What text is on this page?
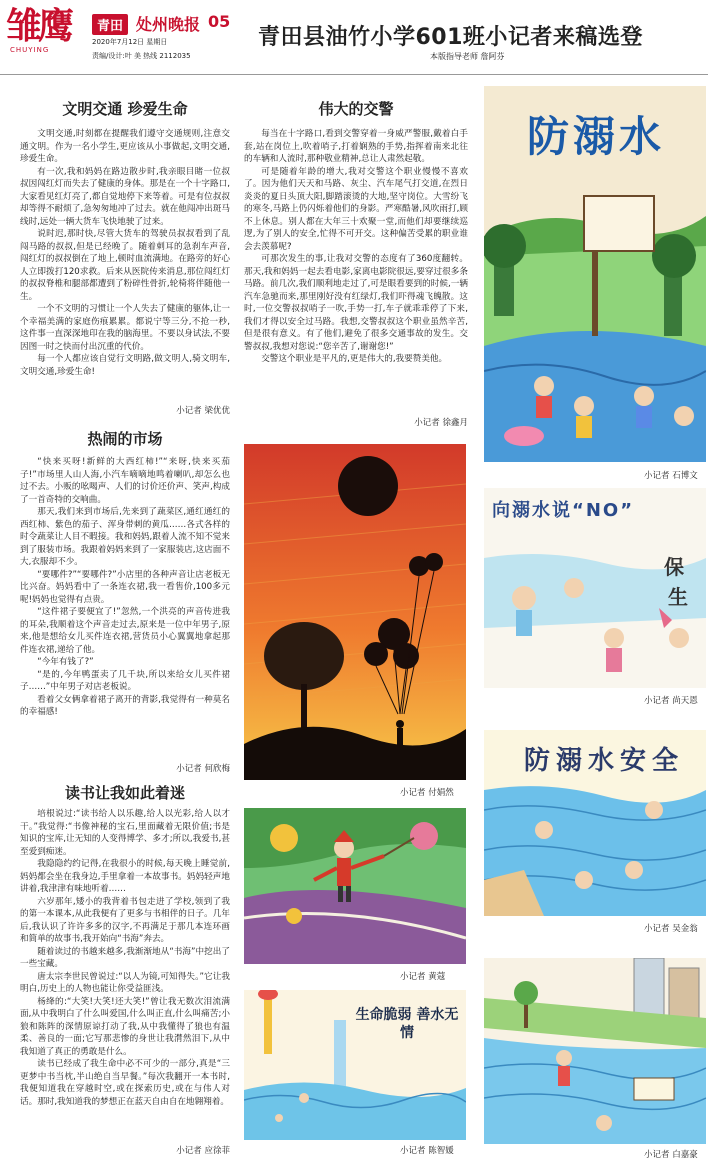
雏鹰
CHUYING
青田 处州晚报 05
2020年7月12日 星期日
责编/设计:叶 美 热线 2112035
青田县油竹小学601班小记者来稿选登
本版指导老师 詹阿芬
文明交通 珍爱生命

文明交通,时刻都在提醒我们遵守交通规则,注意交通文明。作为一名小学生,更应该从小事做起,文明交通,珍爱生命。

有一次,我和妈妈在路边散步时,我亲眼目睹一位叔叔因闯红灯而失去了健康的身体。那是在一个十字路口,大家看见红灯亮了,都自觉地停下来等着。可是有位叔叔却等得不耐烦了,急匆匆地冲了过去。就在他闯冲出斑马线时,远处一辆大货车飞快地驶了过来。

说时迟,那时快,尽管大货车的驾驶员叔叔看到了乱闯马路的叔叔,但是已经晚了。随着刺耳的急刹车声音,闯红灯的叔叔倒在了地上,顿时血流满地。在路旁的好心人立即拨打120求救。后来从医院传来消息,那位闯红灯的叔叔脊椎和腿部都遭到了粉碎性骨折,轮椅将伴随他一生。

一个不文明的习惯让一个人失去了健康的躯体,让一个幸福美满的家庭伤痕累累。都说宁等三分,不抢一秒,这件事一直深深地印在我的脑海里。不要以身试法,不要因图一时之快而付出沉重的代价。

每一个人都应该自觉行文明路,做文明人,骑文明车,文明交通,珍爱生命!

小记者 梁优优
热闹的市场

“快来买呀!新鲜的大西红柿!”“来呀,快来买茄子!”市场里人山人海,小汽车嘀嘀地鸣着喇叭,却怎么也过不去。小贩的吆喝声、人们的讨价还价声、笑声,构成了一首奇特的交响曲。

那天,我们来到市场后,先来到了蔬菜区,通红通红的西红柿、紫色的茄子、浑身带刺的黄瓜……各式各样的时令蔬菜让人目不暇接。我和妈妈,跟着人流不知不觉来到了服装市场。我跟着妈妈来到了一家服装店,这店面不大,衣服却不少。

“要哪件?”“要哪件?”小店里的各种声音让店老板无比兴奋。妈妈看中了一条连衣裙,我一看售价,100多元呢!妈妈也觉得有点贵。

“这件裙子要便宜了!”忽然,一个洪亮的声音传进我的耳朵,我顺着这个声音走过去,原来是一位中年男子,原来,他是想给女儿买件连衣裙,营货员小心翼翼地拿起那件连衣裙,递给了他。

“今年有钱了?”

“是的,今年鸭蛋卖了几千块,所以来给女儿买件裙子……”中年男子对店老板说。

看着父女俩拿着裙子离开的背影,我觉得有一种莫名的幸福感!

小记者 何欣梅
读书让我如此着迷

培根说过:“读书给人以乐趣,给人以光彩,给人以才干。”我觉得:“书像神秘的宝石,里面藏着无限价值;书是知识的宝库,让无知的人变得博学、多才;所以,我爱书,甚至爱到痴迷。

我隐隐约约记得,在我很小的时候,每天晚上睡觉前,妈妈都会坐在我身边,手里拿着一本故事书。妈妈轻声地讲着,我津津有味地听着……

六岁那年,矮小的我背着书包走进了学校,领到了我的第一本课本,从此我便有了更多与书相伴的日子。几年后,我认识了许许多多的汉字,不再满足于那几本连环画和简单的故事书,我开始向“书海”奔去。

随着读过的书越来越多,我渐渐地从“书海”中挖出了一些宝藏。

唐太宗李世民曾说过:“以人为镜,可知得失。”它让我明白,历史上的人物也能让你受益匪浅。

杨绛的:“大笑!大笑!还大笑!”曾让我无数次泪流满面,从中我明白了什么叫爱国,什么叫正直,什么叫痛苦;小狼和陈阵的深情原谅打动了我,从中我懂得了狼也有温柔、善良的一面;它写那悲惨的身世让我潸然泪下,从中我知道了真正的勇敢是什么。

读书已经成了我生命中必不可少的一部分,真是“三更梦中书当枕,半山绝自当早餐。”每次我翻开一本书时,我便知道我在穿越时空,或在探索历史,或在与伟人对话。那时,我知道我的梦想正在蓝天自由自在地翱翔着。

小记者 应徐菲
伟大的交警

每当在十字路口,看到交警穿着一身威严警服,戴着白手套,站在岗位上,吹着哨子,打着娴熟的手势,指挥着南来北往的车辆和人流时,那种敬业精神,总让人肃然起敬。

可是随着年龄的增大,我对交警这个职业慢慢不喜欢了。因为他们天天和马路、灰尘、汽车尾气打交道,在烈日炎炎的夏日头顶大阳,脚踏滚烫的大地,坚守岗位。大雪纷飞的寒冬,马路上仍闪烁着他们的身影。严寒酷暑,风吹雨打,顾不上休息。别人都在大年三十欢聚一堂,而他们却要继续巡逻,为了别人的安全,忙得不可开交。这种偏苦受累的职业谁会去羡慕呢?

可那次发生的事,让我对交警的态度有了360度翻转。那天,我和妈妈一起去看电影,家离电影院很远,要穿过很多条马路。前几次,我们顺利地走过了,可是眼看要到的时候,一辆汽车急驰而来,那里刚好没有红绿灯,我们吓得魂飞魄散。这时,一位交警叔叔哨子一吹,手势一打,车子就乖乖停了下来,我们才得以安全过马路。我想,交警叔叔这个职业虽然辛苦,但是很有意义。有了他们,避免了很多交通事故的发生。交警叔叔,我想对您说:“您辛苦了,谢谢您!”

交警这个职业是平凡的,更是伟大的,我要赞美他。

小记者 徐鑫月
小记者 付娟然
小记者 黄蔻
生命脆弱 善水无情
小记者 陈智媛
防溺水
小记者 石博文
保
生
向溺水说“NO”
小记者 尚天恩
防溺水安全
小记者 吴金翁
小记者 白嘉豪
